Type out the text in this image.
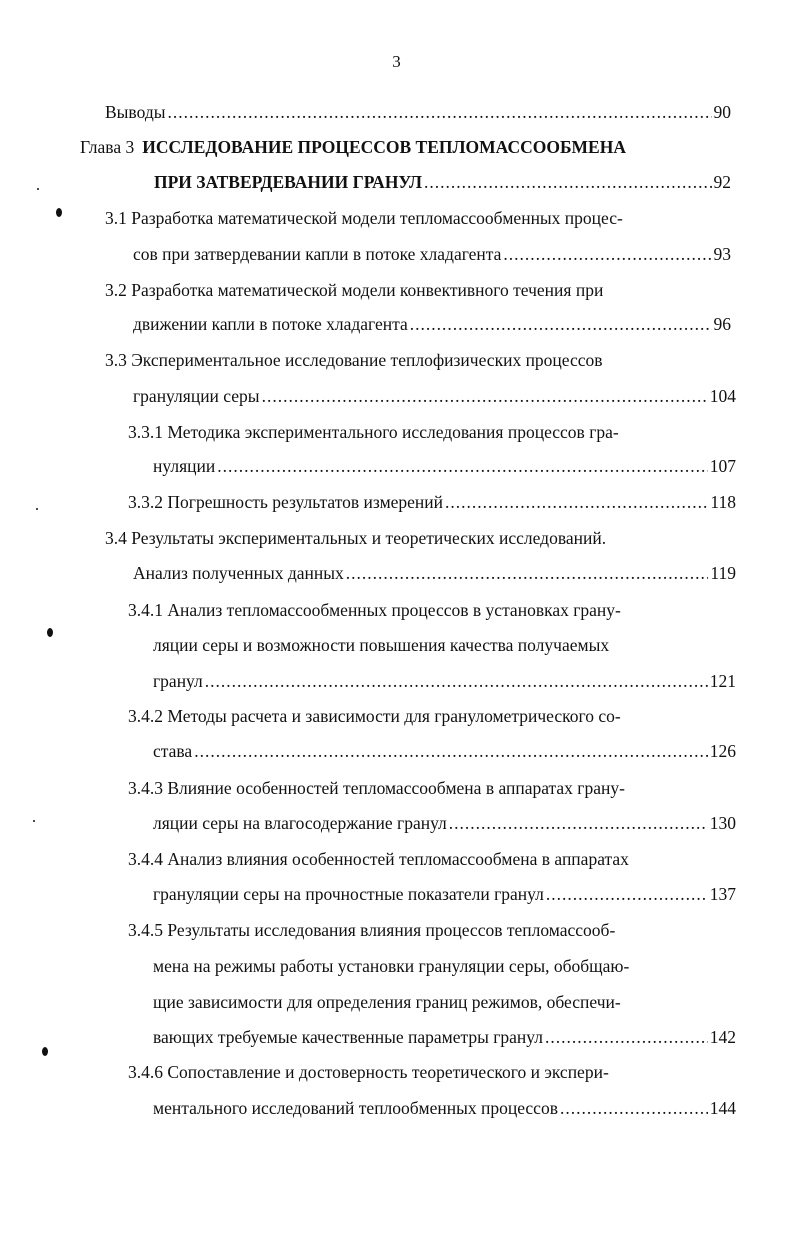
3
Выводы .....	90
Глава 3 ИССЛЕДОВАНИЕ ПРОЦЕССОВ ТЕПЛОМАССООБМЕНА
ПРИ ЗАТВЕРДЕВАНИИ ГРАНУЛ .....	92
3.1 Разработка математической модели тепломассообменных процес-
сов при затвердевании капли в потоке хладагента .....	93
3.2 Разработка математической модели конвективного течения при
движении капли в потоке хладагента .....	96
3.3 Экспериментальное исследование теплофизических процессов
грануляции серы .....	104
3.3.1 Методика экспериментального исследования процессов гра-
нуляции .....	107
3.3.2 Погрешность результатов измерений .....	118
3.4 Результаты экспериментальных и теоретических исследований.
Анализ полученных данных .....	119
3.4.1 Анализ тепломассообменных процессов в установках грану-
ляции серы и возможности повышения качества получаемых
гранул .....	121
3.4.2 Методы расчета и зависимости для гранулометрического со-
става .....	126
3.4.3 Влияние особенностей тепломассообмена в аппаратах грану-
ляции серы на влагосодержание гранул .....	130
3.4.4 Анализ влияния особенностей тепломассообмена в аппаратах
грануляции серы на прочностные показатели гранул .....	137
3.4.5 Результаты исследования влияния процессов тепломассооб-
мена на режимы работы установки грануляции серы, обобщаю-
щие зависимости для определения границ режимов, обеспечи-
вающих требуемые качественные параметры гранул .....	142
3.4.6 Сопоставление и достоверность теоретического и экспери-
ментального исследований теплообменных процессов .....	144
